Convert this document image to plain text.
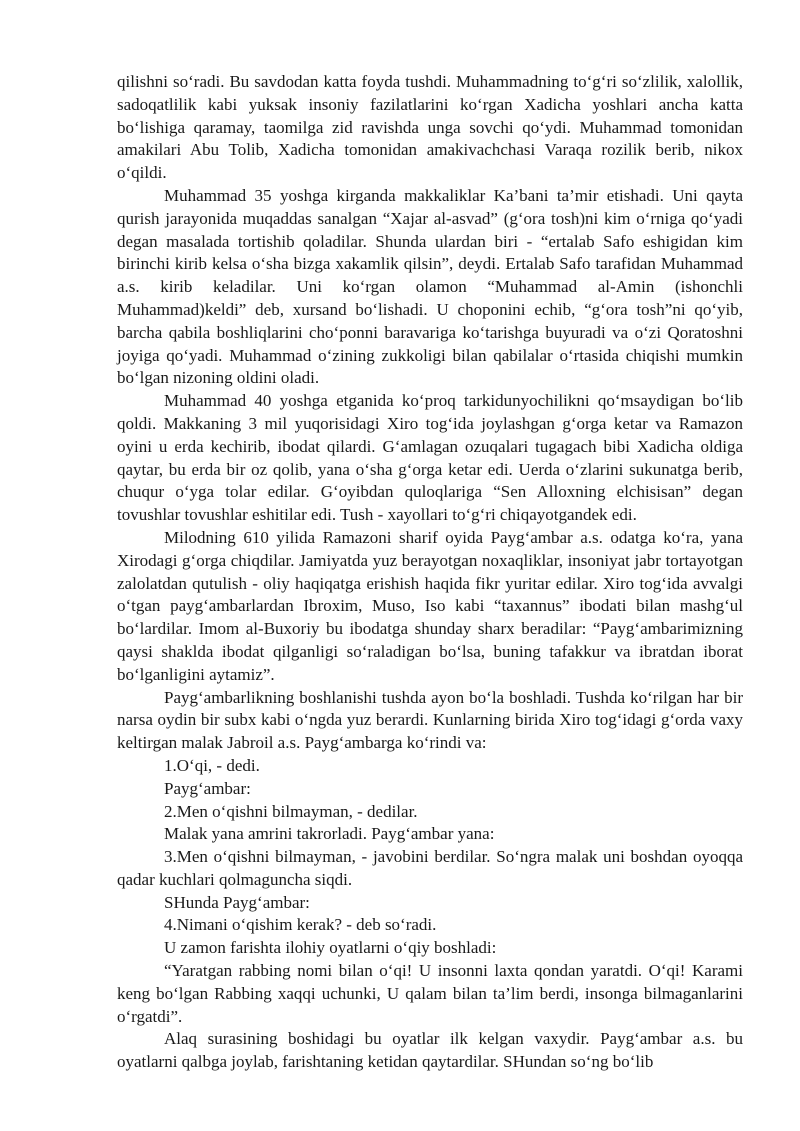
qilishni so‘radi. Bu savdodan katta foyda tushdi. Muhammadning to‘g‘ri so‘zlilik, xalollik, sadoqatlilik kabi yuksak insoniy fazilatlarini ko‘rgan Xadicha yoshlari ancha katta bo‘lishiga qaramay, taomilga zid ravishda unga sovchi qo‘ydi. Muhammad tomonidan amakilari Abu Tolib, Xadicha tomonidan amakivachchasi Varaqa rozilik berib, nikox o‘qildi.

Muhammad 35 yoshga kirganda makkaliklar Ka’bani ta’mir etishadi. Uni qayta qurish jarayonida muqaddas sanalgan “Xajar al-asvad” (g‘ora tosh)ni kim o‘rniga qo‘yadi degan masalada tortishib qoladilar. Shunda ulardan biri - “ertalab Safo eshigidan kim birinchi kirib kelsa o‘sha bizga xakamlik qilsin”, deydi. Ertalab Safo tarafidan Muhammad a.s. kirib keladilar. Uni ko‘rgan olamon “Muhammad al-Amin (ishonchli Muhammad)keldi” deb, xursand bo‘lishadi. U choponini echib, “g‘ora tosh”ni qo‘yib, barcha qabila boshliqlarini cho‘ponni baravariga ko‘tarishga buyuradi va o‘zi Qoratoshni joyiga qo‘yadi. Muhammad o‘zining zukkoligi bilan qabilalar o‘rtasida chiqishi mumkin bo‘lgan nizoning oldini oladi.

Muhammad 40 yoshga etganida ko‘proq tarkidunyochilikni qo‘msaydigan bo‘lib qoldi. Makkaning 3 mil yuqorisidagi Xiro tog‘ida joylashgan g‘orga ketar va Ramazon oyini u erda kechirib, ibodat qilardi. G‘amlagan ozuqalari tugagach bibi Xadicha oldiga qaytar, bu erda bir oz qolib, yana o‘sha g‘orga ketar edi. Uerda o‘zlarini sukunatga berib, chuqur o‘yga tolar edilar. G‘oyibdan quloqlariga “Sen Alloxning elchisisan” degan tovushlar tovushlar eshitilar edi. Tush - xayollari to‘g‘ri chiqayotgandek edi.

Milodning 610 yilida Ramazoni sharif oyida Payg‘ambar a.s. odatga ko‘ra, yana Xirodagi g‘orga chiqdilar. Jamiyatda yuz berayotgan noxaqliklar, insoniyat jabr tortayotgan zalolatdan qutulish - oliy haqiqatga erishish haqida fikr yuritar edilar. Xiro tog‘ida avvalgi o‘tgan payg‘ambarlardan Ibroxim, Muso, Iso kabi “taxannus” ibodati bilan mashg‘ul bo‘lardilar. Imom al-Buxoriy bu ibodatga shunday sharx beradilar: “Payg‘ambarimizning qaysi shaklda ibodat qilganligi so‘raladigan bo‘lsa, buning tafakkur va ibratdan iborat bo‘lganligini aytamiz”.

Payg‘ambarlikning boshlanishi tushda ayon bo‘la boshladi. Tushda ko‘rilgan har bir narsa oydin bir subx kabi o‘ngda yuz berardi. Kunlarning birida Xiro tog‘idagi g‘orda vaxy keltirgan malak Jabroil a.s. Payg‘ambarga ko‘rindi va:

1.O‘qi, - dedi.

Payg‘ambar:

2.Men o‘qishni bilmayman, - dedilar.

Malak yana amrini takrorladi. Payg‘ambar yana:

3.Men o‘qishni bilmayman, - javobini berdilar. So‘ngra malak uni boshdan oyoqqa qadar kuchlari qolmaguncha siqdi.

SHunda Payg‘ambar:

4.Nimani o‘qishim kerak? - deb so‘radi.

U zamon farishta ilohiy oyatlarni o‘qiy boshladi:

“Yaratgan rabbing nomi bilan o‘qi! U insonni laxta qondan yaratdi. O‘qi! Karami keng bo‘lgan Rabbing xaqqi uchunki, U qalam bilan ta’lim berdi, insonga bilmaganlarini o‘rgatdi”.

Alaq surasining boshidagi bu oyatlar ilk kelgan vaxydir. Payg‘ambar a.s. bu oyatlarni qalbga joylab, farishtaning ketidan qaytardilar. SHundan so‘ng bo‘lib
